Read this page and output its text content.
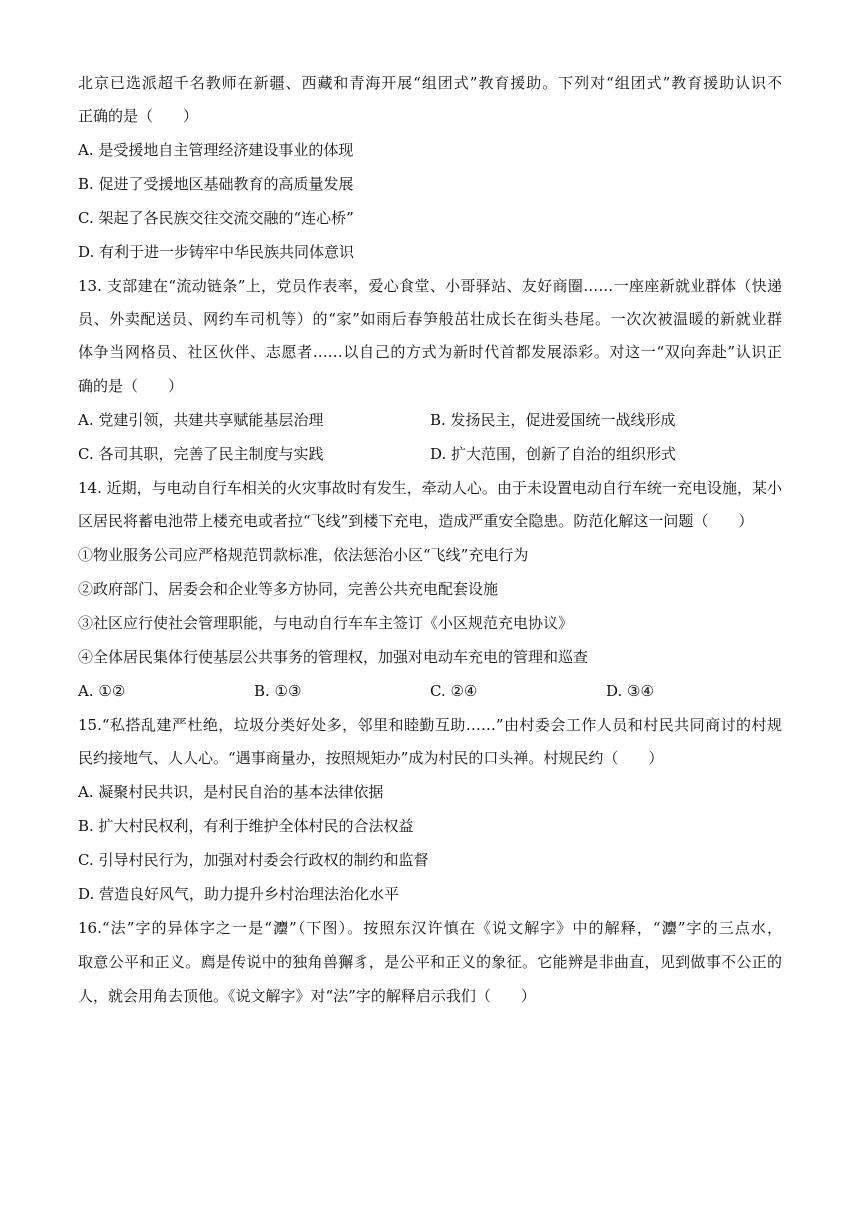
北京已选派超千名教师在新疆、西藏和青海开展“组团式”教育援助。下列对“组团式”教育援助认识不
正确的是（　　）
A. 是受援地自主管理经济建设事业的体现
B. 促进了受援地区基础教育的高质量发展
C. 架起了各民族交往交流交融的“连心桥”
D. 有利于进一步铸牢中华民族共同体意识
13. 支部建在“流动链条”上，党员作表率，爱心食堂、小哥驿站、友好商圈……一座座新就业群体（快递
员、外卖配送员、网约车司机等）的“家”如雨后春笋般茁壮成长在街头巷尾。一次次被温暖的新就业群
体争当网格员、社区伙伴、志愿者……以自己的方式为新时代首都发展添彩。对这一“双向奔赴”认识正
确的是（　　）
A. 党建引领，共建共享赋能基层治理	B. 发扬民主，促进爱国统一战线形成
C. 各司其职，完善了民主制度与实践	D. 扩大范围，创新了自治的组织形式
14. 近期，与电动自行车相关的火灾事故时有发生，牵动人心。由于未设置电动自行车统一充电设施，某小
区居民将蓄电池带上楼充电或者拉“飞线”到楼下充电，造成严重安全隐患。防范化解这一问题（　　）
①物业服务公司应严格规范罚款标准，依法惩治小区“飞线”充电行为
②政府部门、居委会和企业等多方协同，完善公共充电配套设施
③社区应行使社会管理职能，与电动自行车车主签订《小区规范充电协议》
④全体居民集体行使基层公共事务的管理权，加强对电动车充电的管理和巡查
A. ①②	B. ①③	C. ②④	D. ③④
15.“私搭乱建严杜绝，垃圾分类好处多，邻里和睦勤互助……”由村委会工作人员和村民共同商讨的村规
民约接地气、人人心。“遇事商量办，按照规矩办”成为村民的口头禅。村规民约（　　）
A. 凝聚村民共识，是村民自治的基本法律依据
B. 扩大村民权利，有利于维护全体村民的合法权益
C. 引导村民行为，加强对村委会行政权的制约和监督
D. 营造良好风气，助力提升乡村治理法治化水平
16.“法”字的异体字之一是“灋”（下图）。按照东汉许慎在《说文解字》中的解释，“灋”字的三点水，
取意公平和正义。廌是传说中的独角兽獬豸，是公平和正义的象征。它能辨是非曲直，见到做事不公正的
人，就会用角去顶他。《说文解字》对“法”字的解释启示我们（　　）
